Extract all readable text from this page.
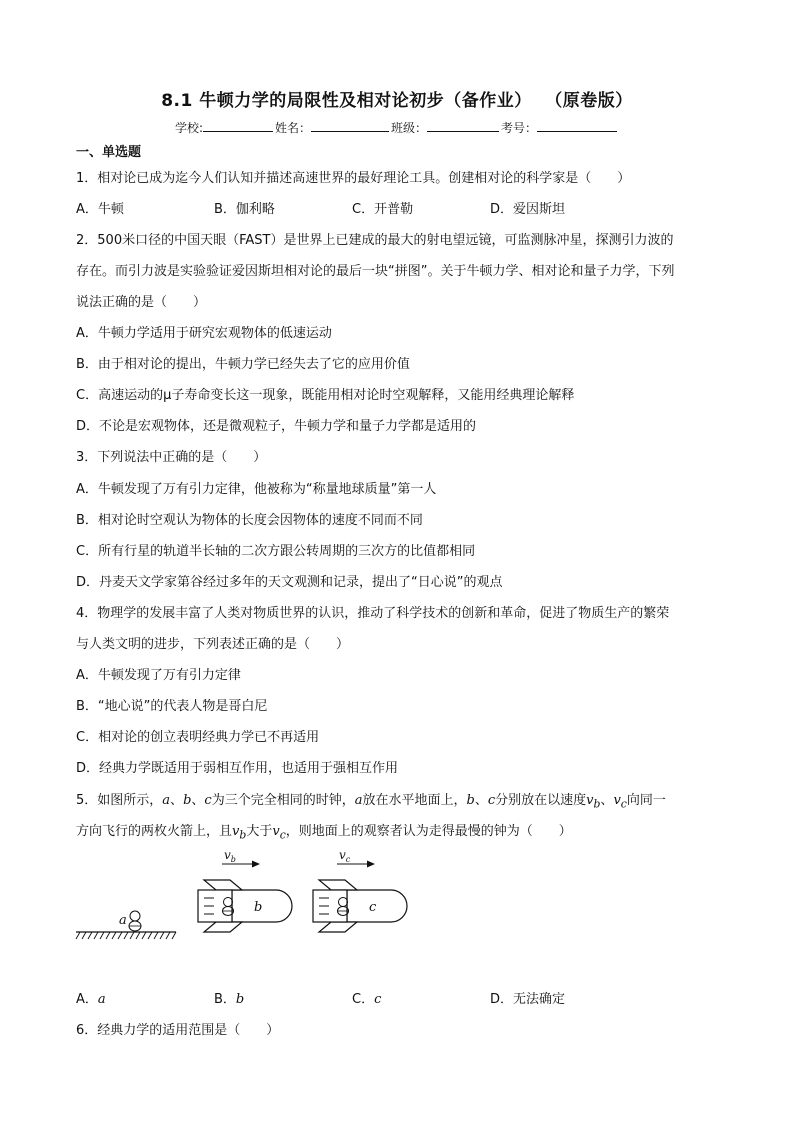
8.1 牛顿力学的局限性及相对论初步（备作业） （原卷版）
学校:	姓名：	班级：	考号：
一、单选题
1．相对论已成为迄今人们认知并描述高速世界的最好理论工具。创建相对论的科学家是（　　）
A．牛顿	B．伽利略	C．开普勒	D．爱因斯坦
2．500米口径的中国天眼（FAST）是世界上已建成的最大的射电望远镜，可监测脉冲星，探测引力波的
存在。而引力波是实验验证爱因斯坦相对论的最后一块“拼图”。关于牛顿力学、相对论和量子力学，下列
说法正确的是（　　）
A．牛顿力学适用于研究宏观物体的低速运动
B．由于相对论的提出，牛顿力学已经失去了它的应用价值
C．高速运动的μ子寿命变长这一现象，既能用相对论时空观解释，又能用经典理论解释
D．不论是宏观物体，还是微观粒子，牛顿力学和量子力学都是适用的
3．下列说法中正确的是（　　）
A．牛顿发现了万有引力定律，他被称为“称量地球质量”第一人
B．相对论时空观认为物体的长度会因物体的速度不同而不同
C．所有行星的轨道半长轴的二次方跟公转周期的三次方的比值都相同
D．丹麦天文学家第谷经过多年的天文观测和记录，提出了“日心说”的观点
4．物理学的发展丰富了人类对物质世界的认识，推动了科学技术的创新和革命，促进了物质生产的繁荣
与人类文明的进步，下列表述正确的是（　　）
A．牛顿发现了万有引力定律
B．“地心说”的代表人物是哥白尼
C．相对论的创立表明经典力学已不再适用
D．经典力学既适用于弱相互作用，也适用于强相互作用
5．如图所示，a、b、c为三个完全相同的时钟，a放在水平地面上，b、c分别放在以速度$v_b$、$v_c$向同一
方向飞行的两枚火箭上，且$v_b$大于$v_c$，则地面上的观察者认为走得最慢的钟为（　　）
a
b
$v_b$
c
$v_c$
A．a	B．b	C．c	D．无法确定
6．经典力学的适用范围是（　　）
